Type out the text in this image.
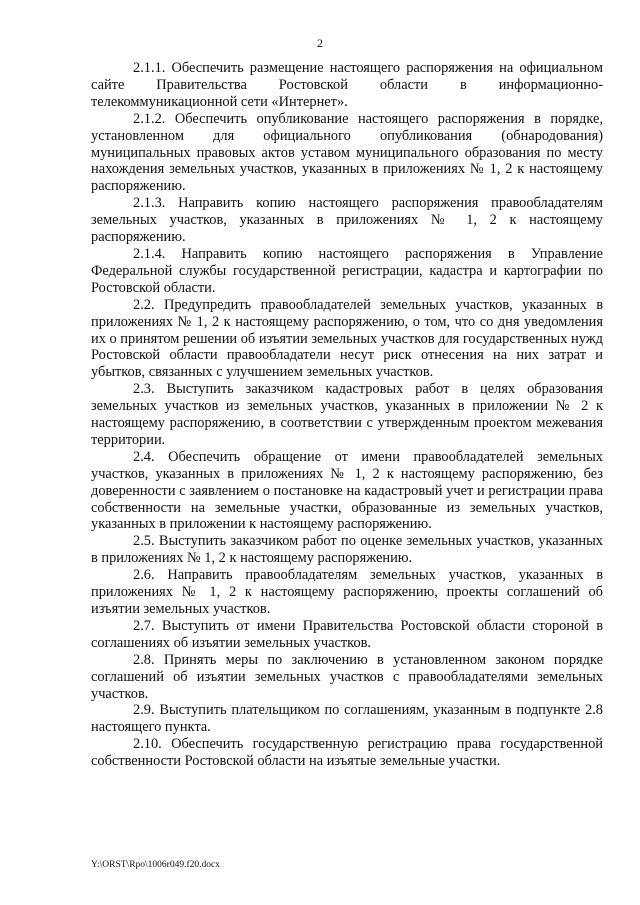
2

2.1.1. Обеспечить размещение настоящего распоряжения на официальном сайте Правительства Ростовской области в информационно-телекоммуникационной сети «Интернет».

2.1.2. Обеспечить опубликование настоящего распоряжения в порядке, установленном для официального опубликования (обнародования) муниципальных правовых актов уставом муниципального образования по месту нахождения земельных участков, указанных в приложениях № 1, 2 к настоящему распоряжению.

2.1.3. Направить копию настоящего распоряжения правообладателям земельных участков, указанных в приложениях № 1, 2 к настоящему распоряжению.

2.1.4. Направить копию настоящего распоряжения в Управление Федеральной службы государственной регистрации, кадастра и картографии по Ростовской области.

2.2. Предупредить правообладателей земельных участков, указанных в приложениях № 1, 2 к настоящему распоряжению, о том, что со дня уведомления их о принятом решении об изъятии земельных участков для государственных нужд Ростовской области правообладатели несут риск отнесения на них затрат и убытков, связанных с улучшением земельных участков.

2.3. Выступить заказчиком кадастровых работ в целях образования земельных участков из земельных участков, указанных в приложении № 2 к настоящему распоряжению, в соответствии с утвержденным проектом межевания территории.

2.4. Обеспечить обращение от имени правообладателей земельных участков, указанных в приложениях № 1, 2 к настоящему распоряжению, без доверенности с заявлением о постановке на кадастровый учет и регистрации права собственности на земельные участки, образованные из земельных участков, указанных в приложении к настоящему распоряжению.

2.5. Выступить заказчиком работ по оценке земельных участков, указанных в приложениях № 1, 2 к настоящему распоряжению.

2.6. Направить правообладателям земельных участков, указанных в приложениях № 1, 2 к настоящему распоряжению, проекты соглашений об изъятии земельных участков.

2.7. Выступить от имени Правительства Ростовской области стороной в соглашениях об изъятии земельных участков.

2.8. Принять меры по заключению в установленном законом порядке соглашений об изъятии земельных участков с правообладателями земельных участков.

2.9. Выступить плательщиком по соглашениям, указанным в подпункте 2.8 настоящего пункта.

2.10. Обеспечить государственную регистрацию права государственной собственности Ростовской области на изъятые земельные участки.

Y:\ORST\Rpo\1006r049.f20.docx
